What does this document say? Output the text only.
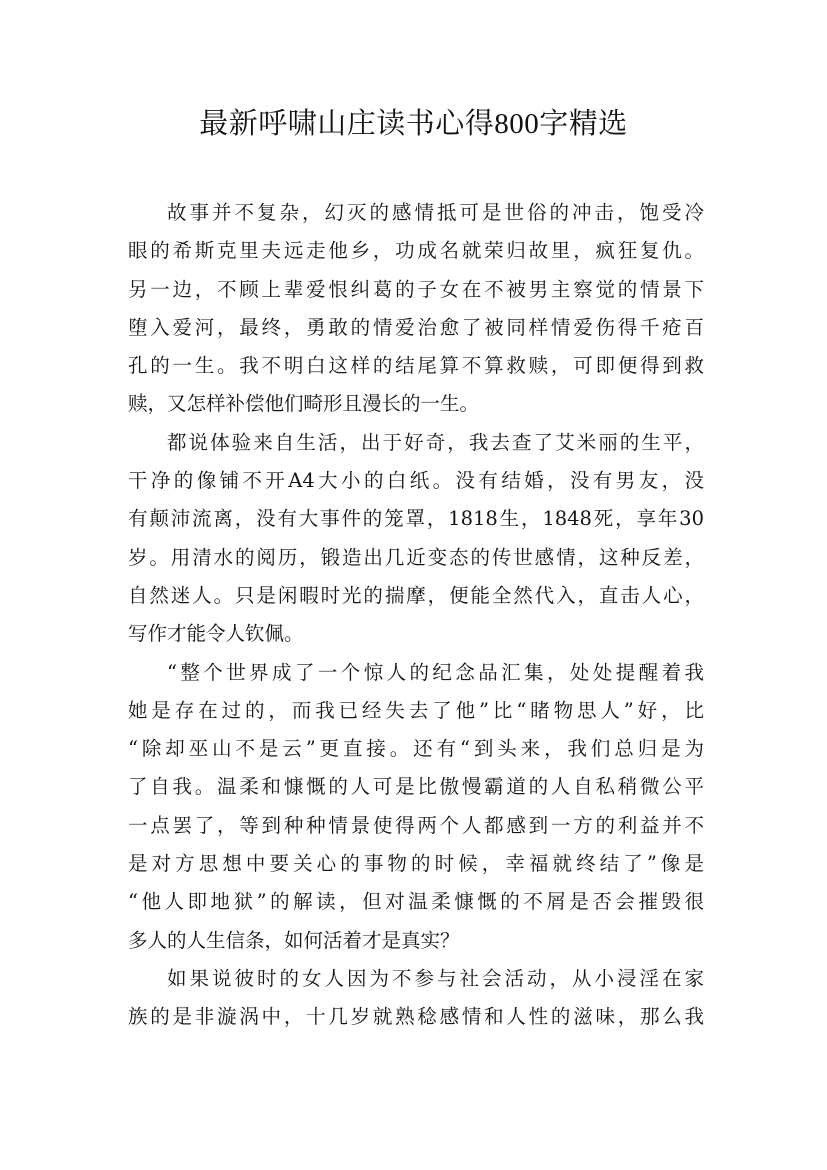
最新呼啸山庄读书心得800字精选
故事并不复杂，幻灭的感情抵可是世俗的冲击，饱受冷
眼的希斯克里夫远走他乡，功成名就荣归故里，疯狂复仇。
另一边，不顾上辈爱恨纠葛的子女在不被男主察觉的情景下
堕入爱河，最终，勇敢的情爱治愈了被同样情爱伤得千疮百
孔的一生。我不明白这样的结尾算不算救赎，可即便得到救
赎，又怎样补偿他们畸形且漫长的一生。
都说体验来自生活，出于好奇，我去查了艾米丽的生平，
干净的像铺不开A4大小的白纸。没有结婚，没有男友，没
有颠沛流离，没有大事件的笼罩，1818生，1848死，享年30
岁。用清水的阅历，锻造出几近变态的传世感情，这种反差，
自然迷人。只是闲暇时光的揣摩，便能全然代入，直击人心，
写作才能令人钦佩。
“整个世界成了一个惊人的纪念品汇集，处处提醒着我
她是存在过的，而我已经失去了他”比“睹物思人”好，比
“除却巫山不是云”更直接。还有“到头来，我们总归是为
了自我。温柔和慷慨的人可是比傲慢霸道的人自私稍微公平
一点罢了，等到种种情景使得两个人都感到一方的利益并不
是对方思想中要关心的事物的时候，幸福就终结了”像是
“他人即地狱”的解读，但对温柔慷慨的不屑是否会摧毁很
多人的人生信条，如何活着才是真实？
如果说彼时的女人因为不参与社会活动，从小浸淫在家
族的是非漩涡中，十几岁就熟稔感情和人性的滋味，那么我
